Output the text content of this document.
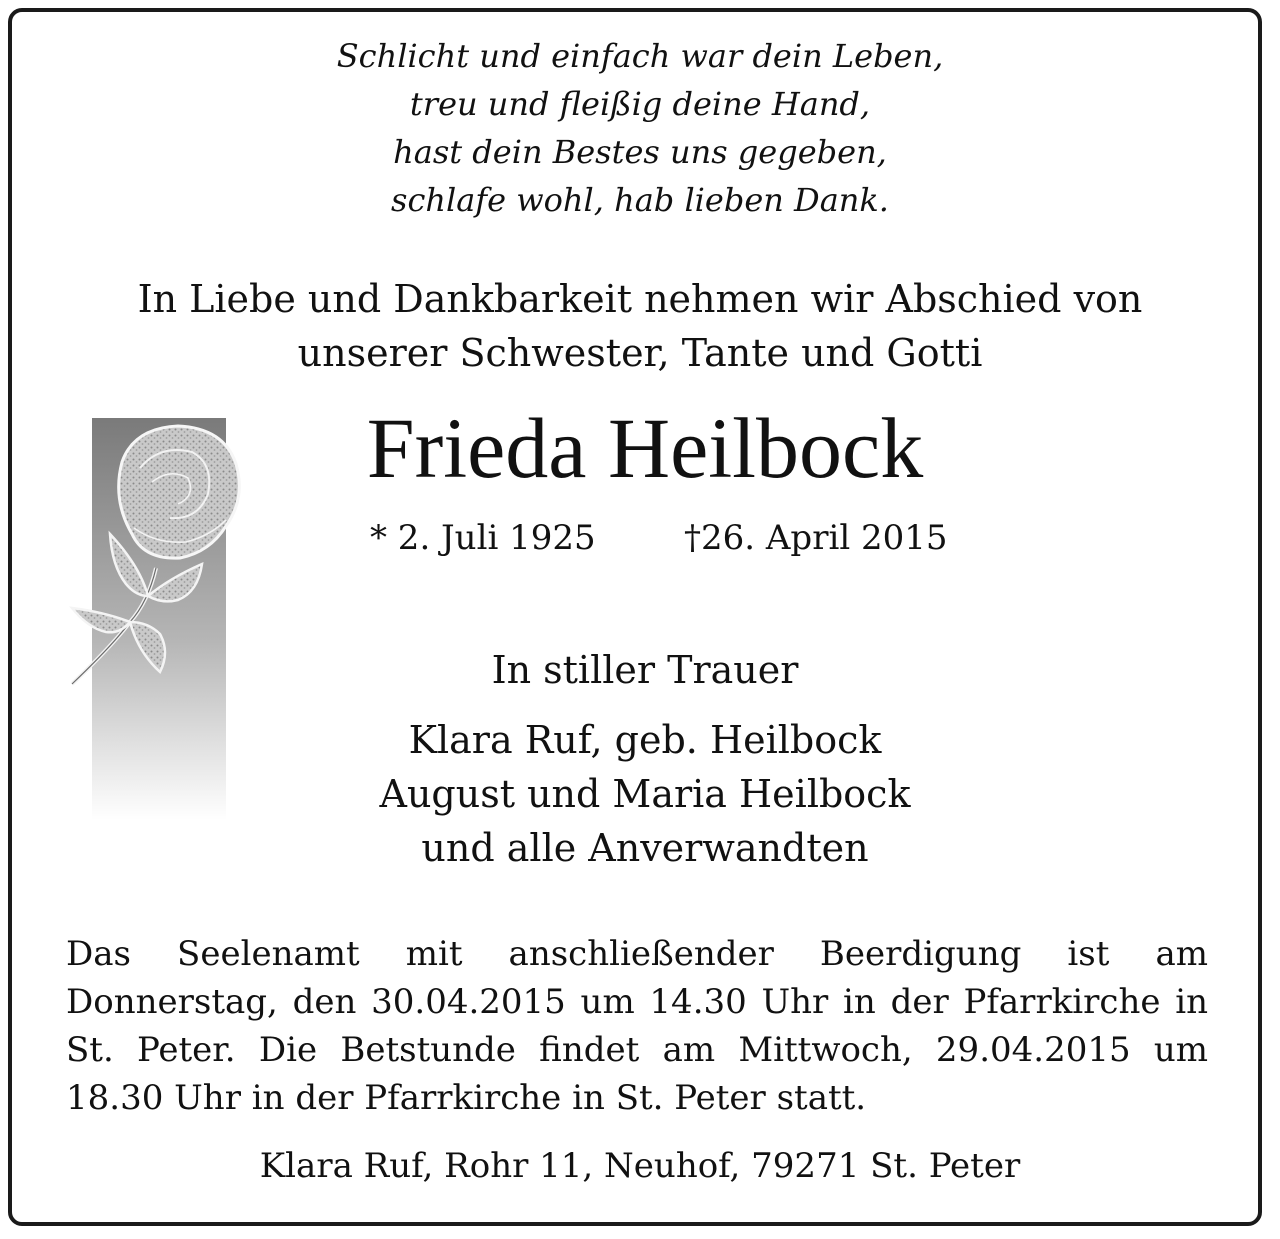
Schlicht und einfach war dein Leben,
treu und fleißig deine Hand,
hast dein Bestes uns gegeben,
schlafe wohl, hab lieben Dank.
In Liebe und Dankbarkeit nehmen wir Abschied von
unserer Schwester, Tante und Gotti
Frieda Heilbock
* 2. Juli 1925	†26. April 2015
In stiller Trauer
Klara Ruf, geb. Heilbock
August und Maria Heilbock
und alle Anverwandten
Das Seelenamt mit anschließender Beerdigung ist am Donnerstag, den 30.04.2015 um 14.30 Uhr in der Pfarrkirche in St. Peter. Die Betstunde findet am Mittwoch, 29.04.2015 um 18.30 Uhr in der Pfarrkirche in St. Peter statt.
Klara Ruf, Rohr 11, Neuhof, 79271 St. Peter
